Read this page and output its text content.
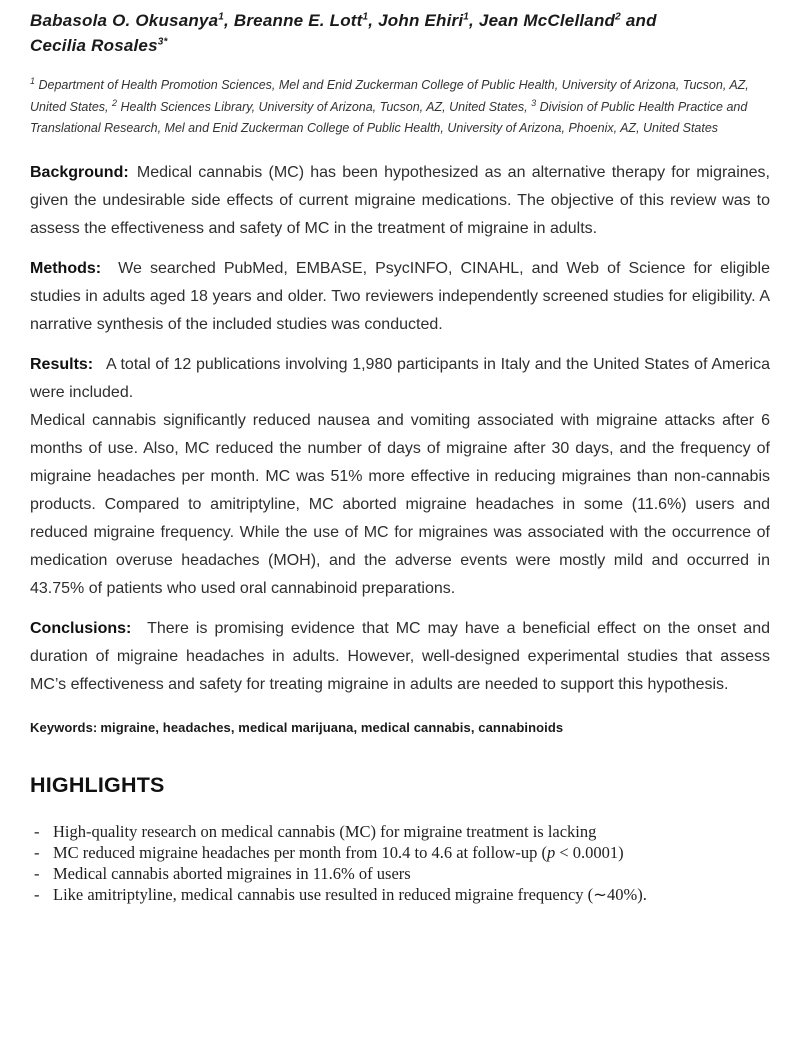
Babasola O. Okusanya$^1$, Breanne E. Lott$^1$, John Ehiri$^1$, Jean McClelland$^2$ and Cecilia Rosales$^{3*}$

$^1$ Department of Health Promotion Sciences, Mel and Enid Zuckerman College of Public Health, University of Arizona, Tucson, AZ, United States, $^2$ Health Sciences Library, University of Arizona, Tucson, AZ, United States, $^3$ Division of Public Health Practice and Translational Research, Mel and Enid Zuckerman College of Public Health, University of Arizona, Phoenix, AZ, United States

Background: Medical cannabis (MC) has been hypothesized as an alternative therapy for migraines, given the undesirable side effects of current migraine medications. The objective of this review was to assess the effectiveness and safety of MC in the treatment of migraine in adults.

Methods: We searched PubMed, EMBASE, PsycINFO, CINAHL, and Web of Science for eligible studies in adults aged 18 years and older. Two reviewers independently screened studies for eligibility. A narrative synthesis of the included studies was conducted.

Results: A total of 12 publications involving 1,980 participants in Italy and the United States of America were included.

Medical cannabis significantly reduced nausea and vomiting associated with migraine attacks after 6 months of use. Also, MC reduced the number of days of migraine after 30 days, and the frequency of migraine headaches per month. MC was 51% more effective in reducing migraines than non-cannabis products. Compared to amitriptyline, MC aborted migraine headaches in some (11.6%) users and reduced migraine frequency. While the use of MC for migraines was associated with the occurrence of medication overuse headaches (MOH), and the adverse events were mostly mild and occurred in 43.75% of patients who used oral cannabinoid preparations.

Conclusions: There is promising evidence that MC may have a beneficial effect on the onset and duration of migraine headaches in adults. However, well-designed experimental studies that assess MC’s effectiveness and safety for treating migraine in adults are needed to support this hypothesis.

Keywords: migraine, headaches, medical marijuana, medical cannabis, cannabinoids

HIGHLIGHTS
- High-quality research on medical cannabis (MC) for migraine treatment is lacking
- MC reduced migraine headaches per month from 10.4 to 4.6 at follow-up (p < 0.0001)
- Medical cannabis aborted migraines in 11.6% of users
- Like amitriptyline, medical cannabis use resulted in reduced migraine frequency (∼40%).
